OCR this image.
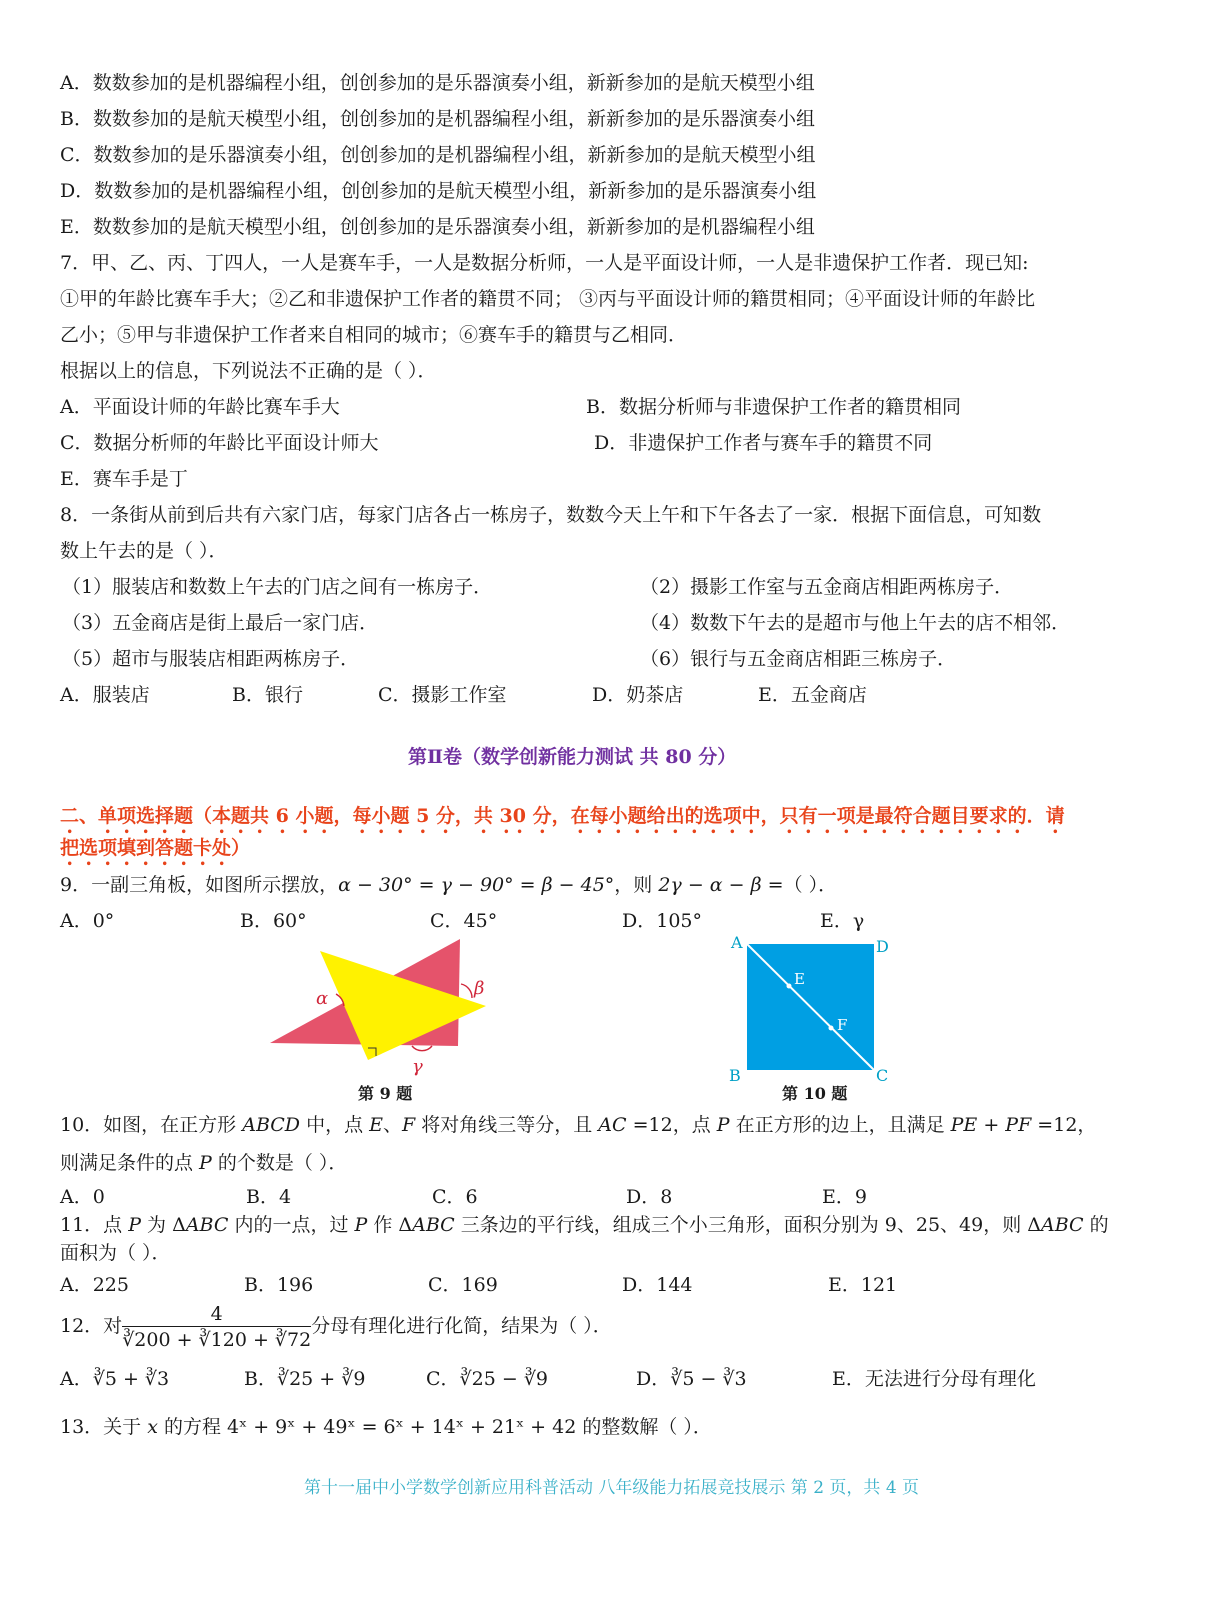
A．数数参加的是机器编程小组，创创参加的是乐器演奏小组，新新参加的是航天模型小组
B．数数参加的是航天模型小组，创创参加的是机器编程小组，新新参加的是乐器演奏小组
C．数数参加的是乐器演奏小组，创创参加的是机器编程小组，新新参加的是航天模型小组
D．数数参加的是机器编程小组，创创参加的是航天模型小组，新新参加的是乐器演奏小组
E．数数参加的是航天模型小组，创创参加的是乐器演奏小组，新新参加的是机器编程小组
7．甲、乙、丙、丁四人，一人是赛车手，一人是数据分析师，一人是平面设计师，一人是非遗保护工作者．现已知:
①甲的年龄比赛车手大；②乙和非遗保护工作者的籍贯不同； ③丙与平面设计师的籍贯相同；④平面设计师的年龄比
乙小；⑤甲与非遗保护工作者来自相同的城市；⑥赛车手的籍贯与乙相同．
根据以上的信息，下列说法不正确的是（ ）．
A．平面设计师的年龄比赛车手大	B．数据分析师与非遗保护工作者的籍贯相同
C．数据分析师的年龄比平面设计师大	D．非遗保护工作者与赛车手的籍贯不同
E．赛车手是丁
8．一条街从前到后共有六家门店，每家门店各占一栋房子，数数今天上午和下午各去了一家．根据下面信息，可知数
数上午去的是（ ）．
（1）服装店和数数上午去的门店之间有一栋房子．	（2）摄影工作室与五金商店相距两栋房子．
（3）五金商店是街上最后一家门店．	（4）数数下午去的是超市与他上午去的店不相邻．
（5）超市与服装店相距两栋房子．	（6）银行与五金商店相距三栋房子．
A．服装店	B．银行	C．摄影工作室	D．奶茶店	E．五金商店
第Ⅱ卷（数学创新能力测试 共 80 分）
二、单项选择题（本题共 6 小题，每小题 5 分，共 30 分，在每小题给出的选项中，只有一项是最符合题目要求的．请
把选项填到答题卡处）
9．一副三角板，如图所示摆放，α − 30° = γ − 90° = β − 45°，则 2γ − α − β =（ ）．
A．0°	B．60°	C．45°	D．105°	E．γ
α	β
γ
第 9 题
A	D
B	C
E
F
第 10 题
10．如图，在正方形 ABCD 中，点 E、F 将对角线三等分，且 AC =12，点 P 在正方形的边上，且满足 PE + PF =12，
则满足条件的点 P 的个数是（ ）．
A．0	B．4	C．6	D．8	E．9
11．点 P 为 ΔABC 内的一点，过 P 作 ΔABC 三条边的平行线，组成三个小三角形，面积分别为 9、25、49，则 ΔABC 的
面积为（ ）．
A．225	B．196	C．169	D．144	E．121
12．对 $\frac{4}{∛200 + ∛120 + ∛72}$ 分母有理化进行化简，结果为（ ）．
A．∛5 + ∛3	B．∛25 + ∛9	C．∛25 − ∛9	D．∛5 − ∛3	E．无法进行分母有理化
13．关于 x 的方程 4ˣ + 9ˣ + 49ˣ = 6ˣ + 14ˣ + 21ˣ + 42 的整数解（ ）．
第十一届中小学数学创新应用科普活动 八年级能力拓展竞技展示 第 2 页，共 4 页
